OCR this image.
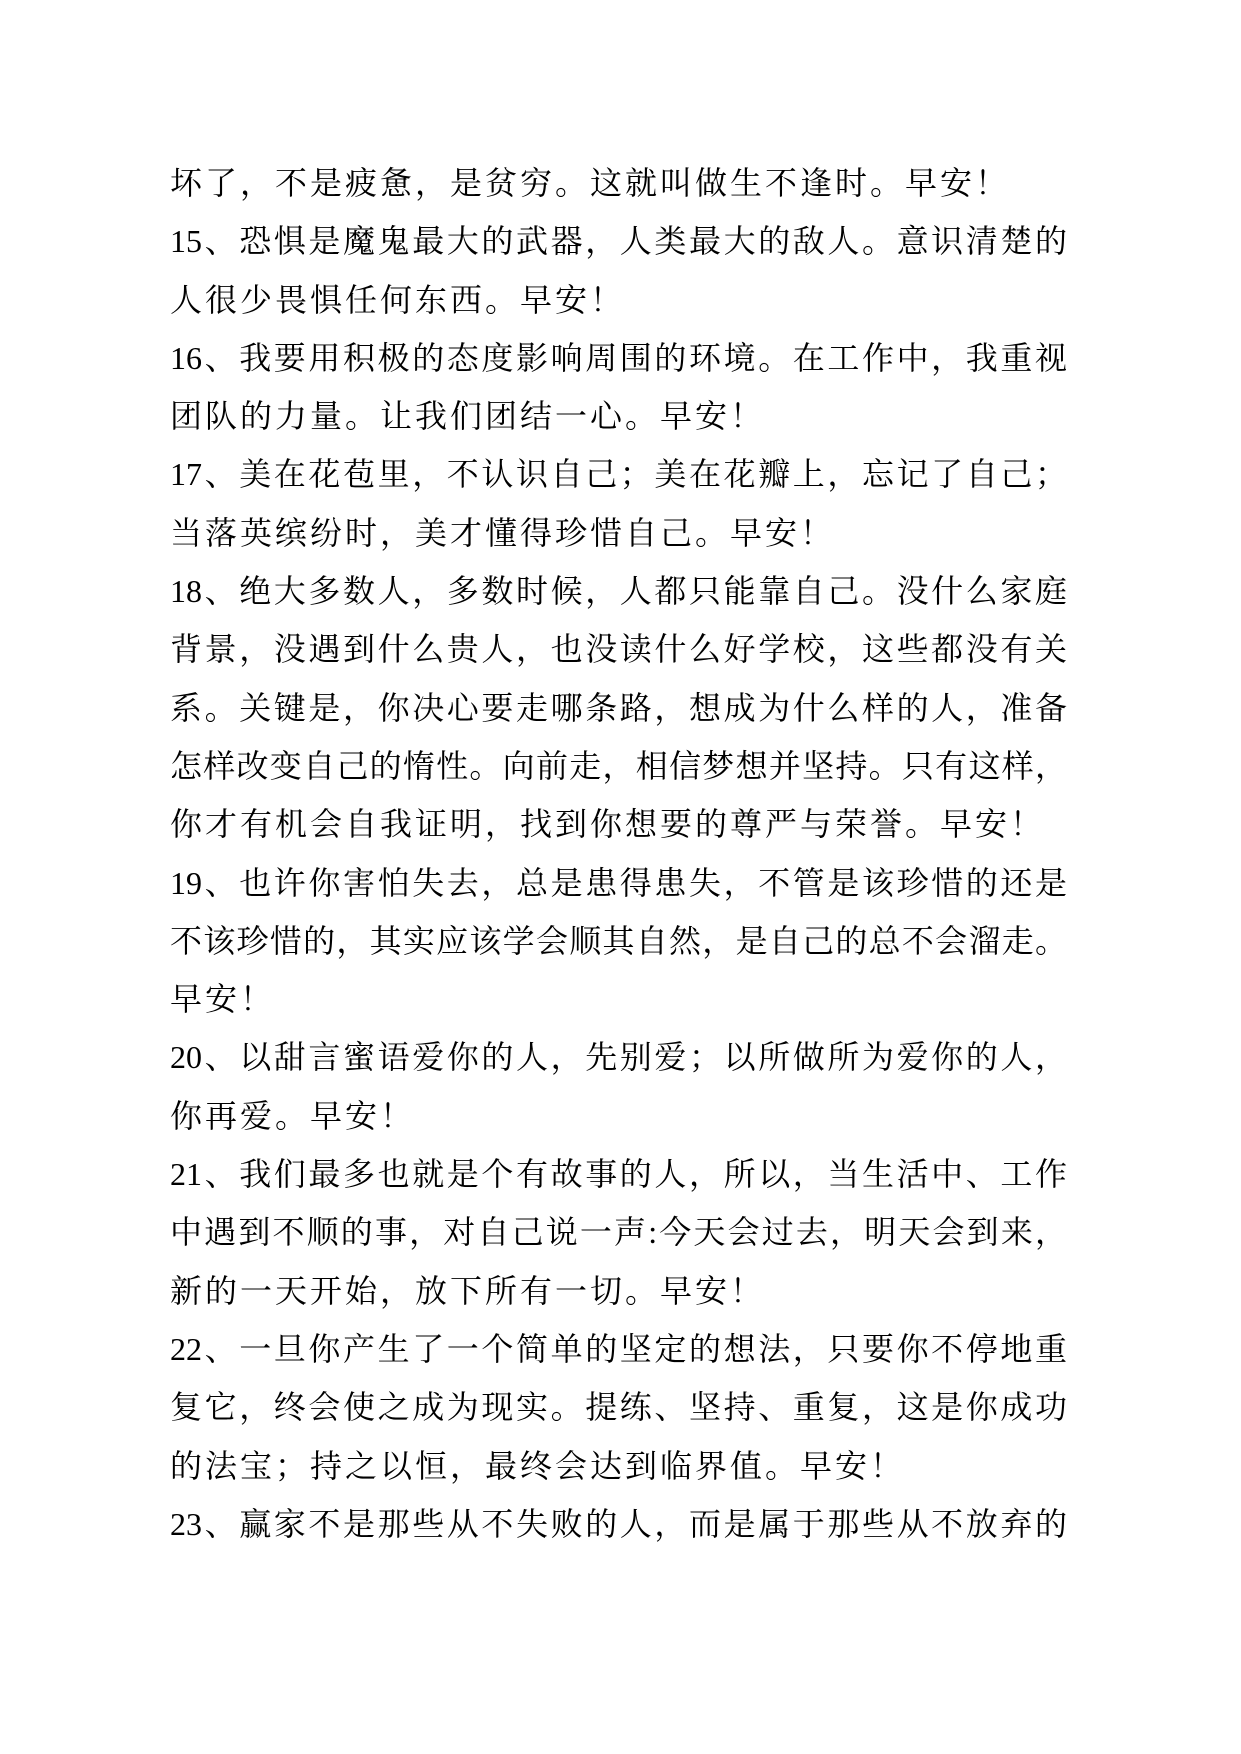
坏了，不是疲惫，是贫穷。这就叫做生不逢时。早安！
15、恐惧是魔鬼最大的武器，人类最大的敌人。意识清楚的
人很少畏惧任何东西。早安！
16、我要用积极的态度影响周围的环境。在工作中，我重视
团队的力量。让我们团结一心。早安！
17、美在花苞里，不认识自己；美在花瓣上，忘记了自己；
当落英缤纷时，美才懂得珍惜自己。早安！
18、绝大多数人，多数时候，人都只能靠自己。没什么家庭
背景，没遇到什么贵人，也没读什么好学校，这些都没有关
系。关键是，你决心要走哪条路，想成为什么样的人，准备
怎样改变自己的惰性。向前走，相信梦想并坚持。只有这样，
你才有机会自我证明，找到你想要的尊严与荣誉。早安！
19、也许你害怕失去，总是患得患失，不管是该珍惜的还是
不该珍惜的，其实应该学会顺其自然，是自己的总不会溜走。
早安！
20、以甜言蜜语爱你的人，先别爱；以所做所为爱你的人，
你再爱。早安！
21、我们最多也就是个有故事的人，所以，当生活中、工作
中遇到不顺的事，对自己说一声:今天会过去，明天会到来，
新的一天开始，放下所有一切。早安！
22、一旦你产生了一个简单的坚定的想法，只要你不停地重
复它，终会使之成为现实。提练、坚持、重复，这是你成功
的法宝；持之以恒，最终会达到临界值。早安！
23、赢家不是那些从不失败的人，而是属于那些从不放弃的
